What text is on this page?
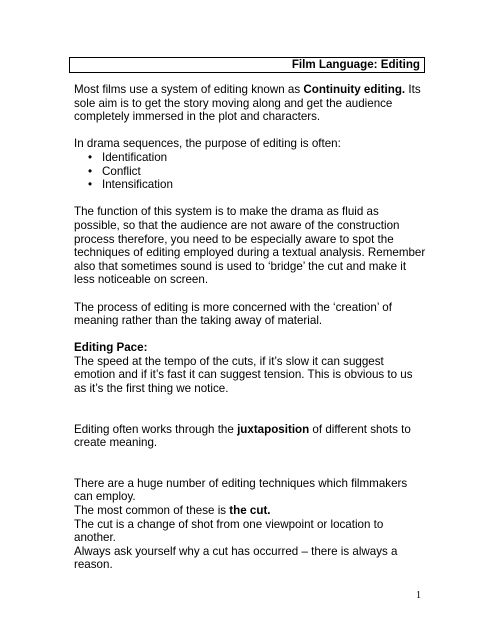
Film Language: Editing

Most films use a system of editing known as Continuity editing. Its sole aim is to get the story moving along and get the audience completely immersed in the plot and characters.

In drama sequences, the purpose of editing is often:

• Identification
• Conflict
• Intensification

The function of this system is to make the drama as fluid as possible, so that the audience are not aware of the construction process therefore, you need to be especially aware to spot the techniques of editing employed during a textual analysis. Remember also that sometimes sound is used to ‘bridge’ the cut and make it less noticeable on screen.

The process of editing is more concerned with the ‘creation’ of meaning rather than the taking away of material.

Editing Pace:

The speed at the tempo of the cuts, if it’s slow it can suggest emotion and if it’s fast it can suggest tension. This is obvious to us as it’s the first thing we notice.

Editing often works through the juxtaposition of different shots to create meaning.

There are a huge number of editing techniques which filmmakers can employ.

The most common of these is the cut.

The cut is a change of shot from one viewpoint or location to another.

Always ask yourself why a cut has occurred – there is always a reason.

1
